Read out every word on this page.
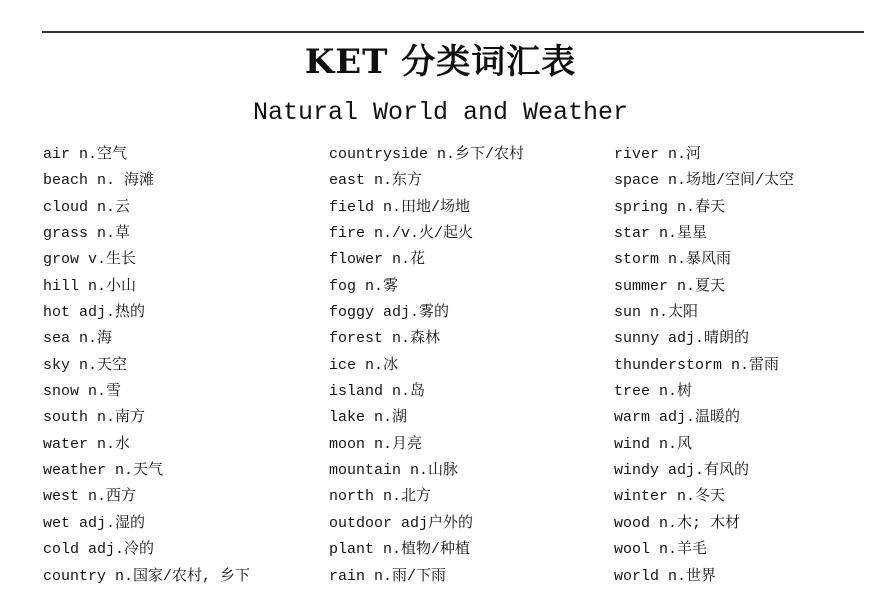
KET 分类词汇表
Natural World and Weather
air n.空气
beach n. 海滩
cloud n.云
grass n.草
grow v.生长
hill n.小山
hot adj.热的
sea n.海
sky n.天空
snow n.雪
south n.南方
water n.水
weather n.天气
west n.西方
wet adj.湿的
cold adj.冷的
country n.国家/农村, 乡下
countryside n.乡下/农村
east n.东方
field n.田地/场地
fire n./v.火/起火
flower n.花
fog n.雾
foggy adj.雾的
forest n.森林
ice n.冰
island n.岛
lake n.湖
moon n.月亮
mountain n.山脉
north n.北方
outdoor adj户外的
plant n.植物/种植
rain n.雨/下雨
river n.河
space n.场地/空间/太空
spring n.春天
star n.星星
storm n.暴风雨
summer n.夏天
sun n.太阳
sunny adj.晴朗的
thunderstorm n.雷雨
tree n.树
warm adj.温暖的
wind n.风
windy adj.有风的
winter n.冬天
wood n.木; 木材
wool n.羊毛
world n.世界
